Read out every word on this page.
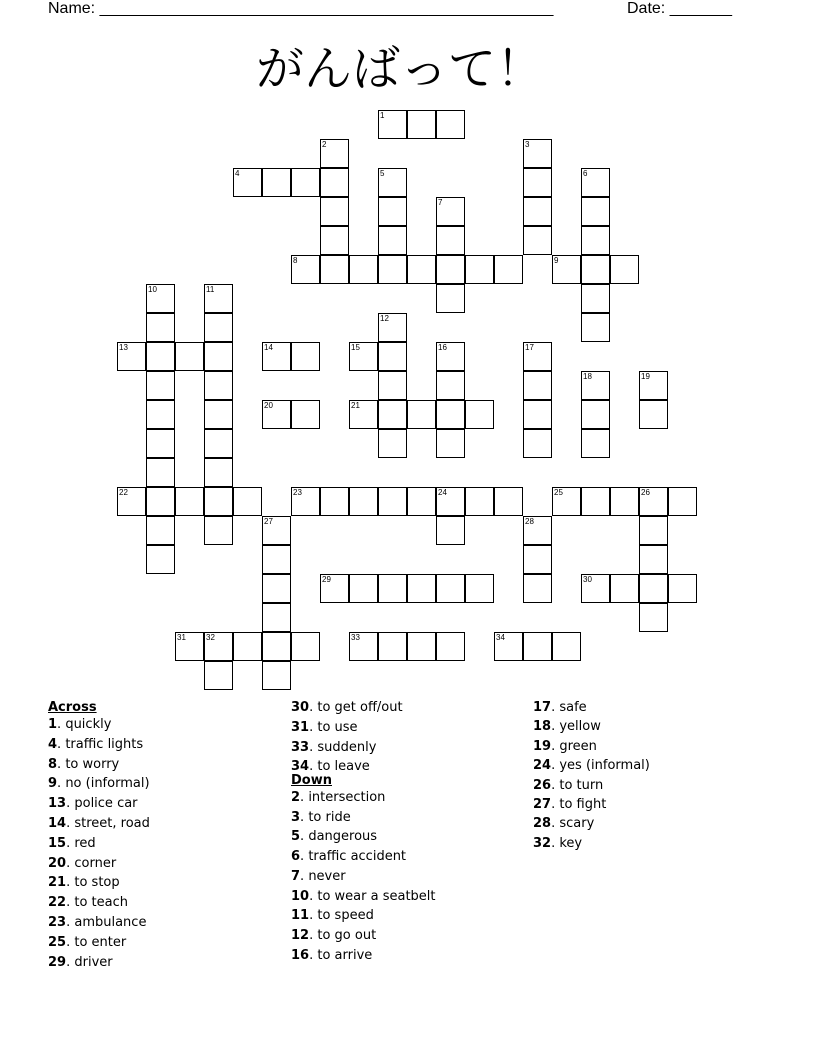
Name: ___________________________________________________	Date: _______
がんばって！
1
2	3
4	5	6
7
8	9
10	11
12
13	14	15	16	17
18	19
20	21
22	23	24	25	26
27	28
29	30
31	32	33	34
Across
1. quickly
4. traffic lights
8. to worry
9. no (informal)
13. police car
14. street, road
15. red
20. corner
21. to stop
22. to teach
23. ambulance
25. to enter
29. driver
30. to get off/out
31. to use
33. suddenly
34. to leave
Down
2. intersection
3. to ride
5. dangerous
6. traffic accident
7. never
10. to wear a seatbelt
11. to speed
12. to go out
16. to arrive
17. safe
18. yellow
19. green
24. yes (informal)
26. to turn
27. to fight
28. scary
32. key
